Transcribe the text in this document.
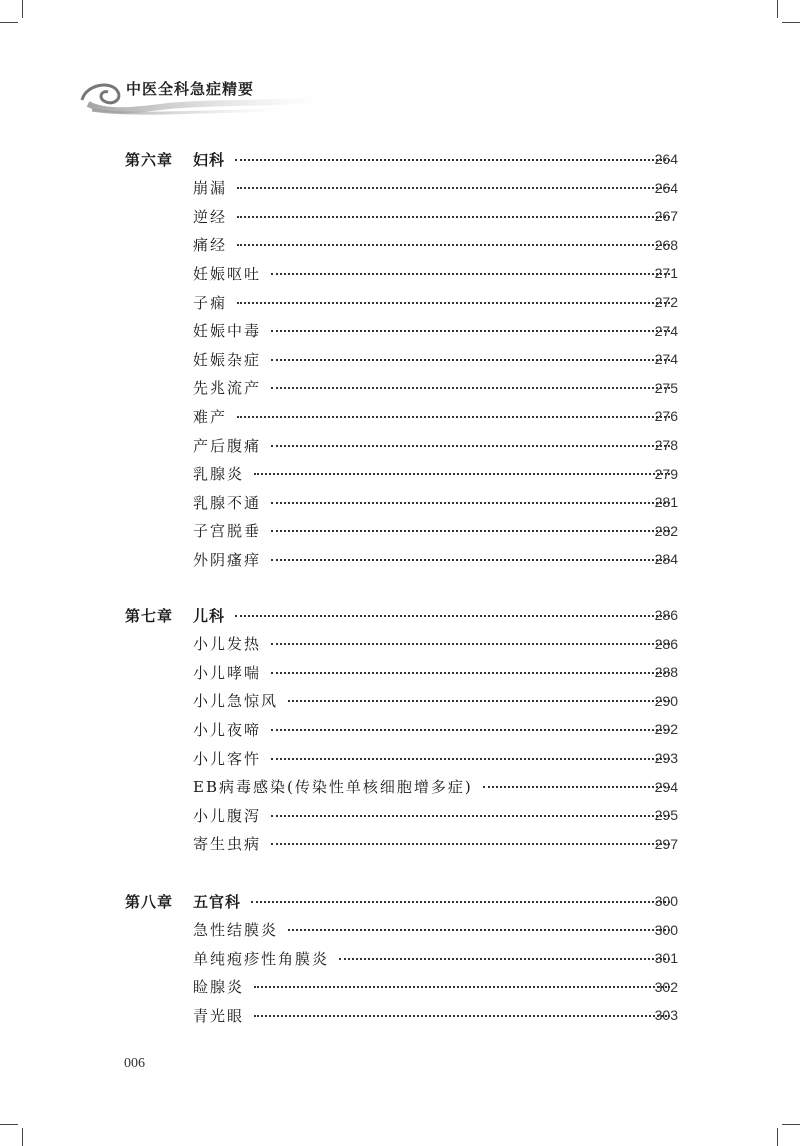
中医全科急症精要
第六章 妇科	264
崩漏	264
逆经	267
痛经	268
妊娠呕吐	271
子痫	272
妊娠中毒	274
妊娠杂症	274
先兆流产	275
难产	276
产后腹痛	278
乳腺炎	279
乳腺不通	281
子宫脱垂	282
外阴瘙痒	284
第七章 儿科	286
小儿发热	286
小儿哮喘	288
小儿急惊风	290
小儿夜啼	292
小儿客忤	293
EB病毒感染(传染性单核细胞增多症)	294
小儿腹泻	295
寄生虫病	297
第八章 五官科	300
急性结膜炎	300
单纯疱疹性角膜炎	301
睑腺炎	302
青光眼	303
006
